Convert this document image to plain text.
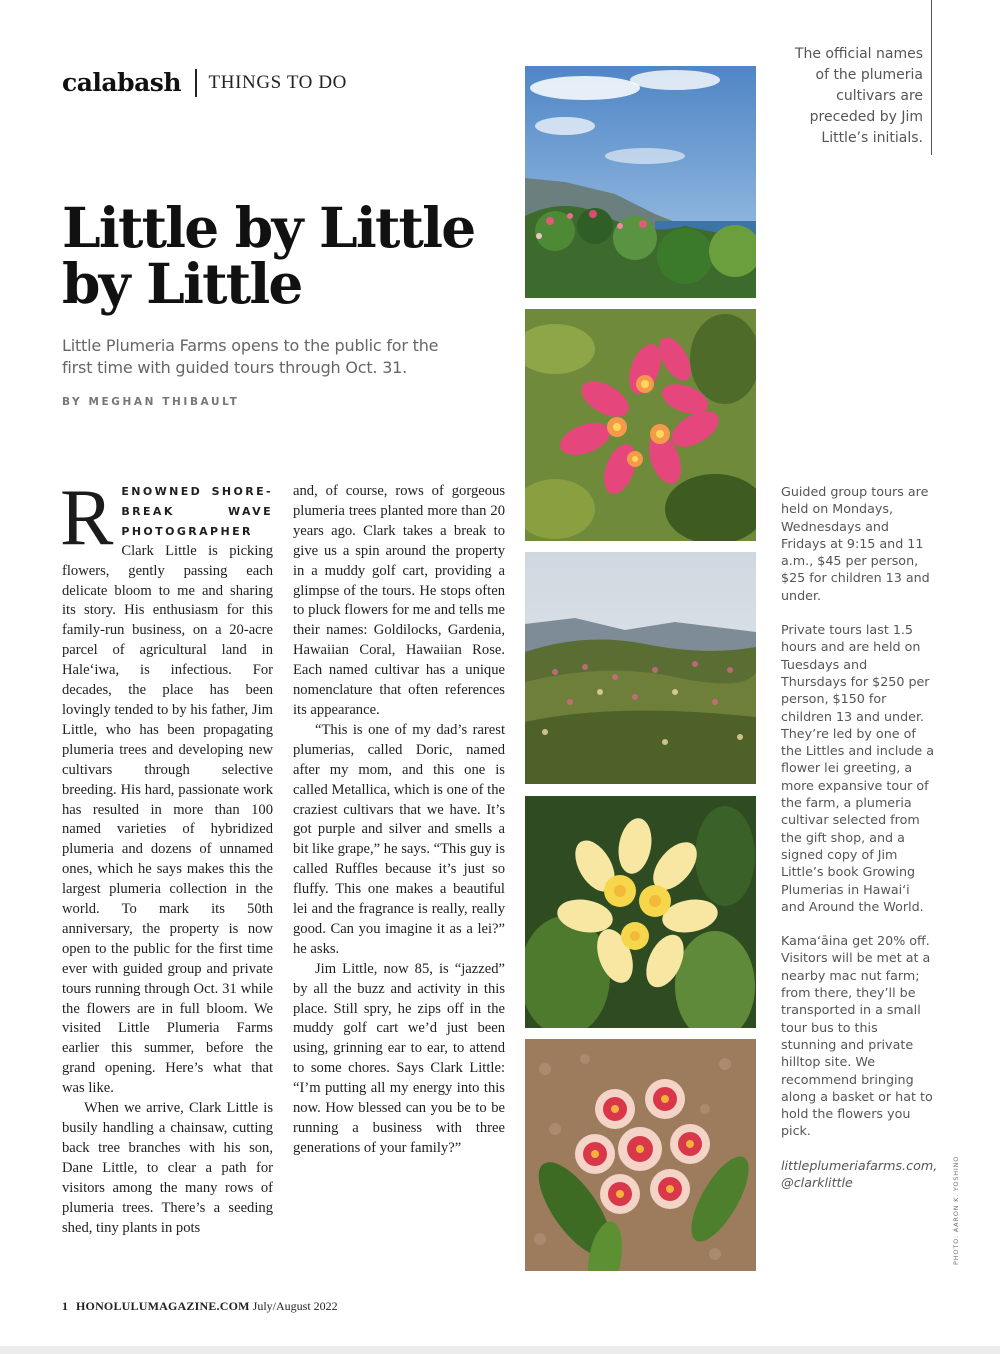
calabash THINGS TO DO
Little by Little
by Little

Little Plumeria Farms opens to the public for the first time with guided tours through Oct. 31.

BY MEGHAN THIBAULT

RENOWNED SHORE-BREAK WAVE PHOTOGRAPHER Clark Little is picking flowers, gently passing each delicate bloom to me and sharing its story. His enthusiasm for this family-run business, on a 20-acre parcel of agricultural land in Hale‘iwa, is infectious. For decades, the place has been lovingly tended to by his father, Jim Little, who has been propagating plumeria trees and developing new cultivars through selective breeding. His hard, passionate work has resulted in more than 100 named varieties of hybridized plumeria and dozens of unnamed ones, which he says makes this the largest plumeria collection in the world. To mark its 50th anniversary, the property is now open to the public for the first time ever with guided group and private tours running through Oct. 31 while the flowers are in full bloom. We visited Little Plumeria Farms earlier this summer, before the grand opening. Here’s what that was like.

When we arrive, Clark Little is busily handling a chainsaw, cutting back tree branches with his son, Dane Little, to clear a path for visitors among the many rows of plumeria trees. There’s a seeding shed, tiny plants in pots

and, of course, rows of gorgeous plumeria trees planted more than 20 years ago. Clark takes a break to give us a spin around the property in a muddy golf cart, providing a glimpse of the tours. He stops often to pluck flowers for me and tells me their names: Goldilocks, Gardenia, Hawaiian Coral, Hawaiian Rose. Each named cultivar has a unique nomenclature that often references its appearance.

“This is one of my dad’s rarest plumerias, called Doric, named after my mom, and this one is called Metallica, which is one of the craziest cultivars that we have. It’s got purple and silver and smells a bit like grape,” he says. “This guy is called Ruffles because it’s just so fluffy. This one makes a beautiful lei and the fragrance is really, really good. Can you imagine it as a lei?” he asks.

Jim Little, now 85, is “jazzed” by all the buzz and activity in this place. Still spry, he zips off in the muddy golf cart we’d just been using, grinning ear to ear, to attend to some chores. Says Clark Little: “I’m putting all my energy into this now. How blessed can you be to be running a business with three generations of your family?”

The official names of the plumeria cultivars are preceded by Jim Little’s initials.

Guided group tours are held on Mondays, Wednesdays and Fridays at 9:15 and 11 a.m., $45 per person, $25 for children 13 and under.

Private tours last 1.5 hours and are held on Tuesdays and Thursdays for $250 per person, $150 for children 13 and under. They’re led by one of the Littles and include a flower lei greeting, a more expansive tour of the farm, a plumeria cultivar selected from the gift shop, and a signed copy of Jim Little’s book Growing Plumerias in Hawai‘i and Around the World.

Kama‘āina get 20% off. Visitors will be met at a nearby mac nut farm; from there, they’ll be transported in a small tour bus to this stunning and private hilltop site. We recommend bringing along a basket or hat to hold the flowers you pick.

littleplumeriafarms.com, @clarklittle	PHOTO: AARON K. YOSHINO
1 HONOLULUMAGAZINE.COM July/August 2022
